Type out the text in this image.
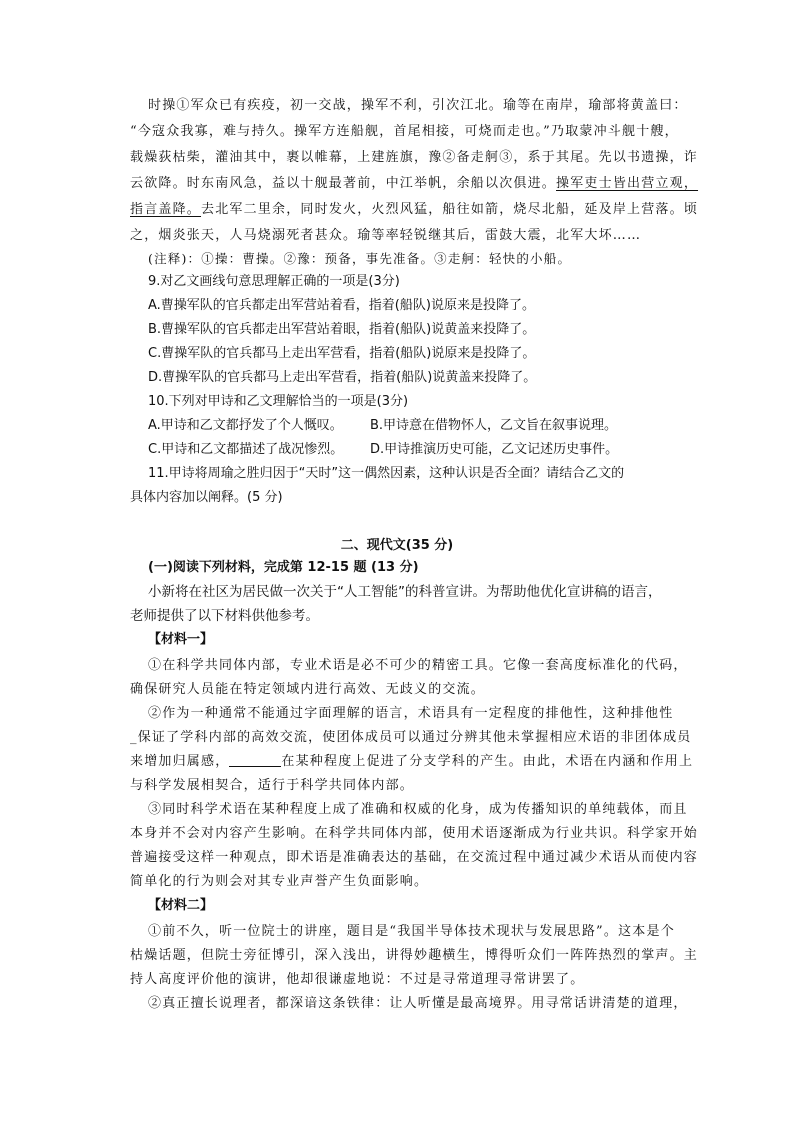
时操①军众已有疾疫，初一交战，操军不利，引次江北。瑜等在南岸，瑜部将黄盖曰：
“今寇众我寡，难与持久。操军方连船舰，首尾相接，可烧而走也。”乃取蒙冲斗舰十艘，
载燥荻枯柴，灌油其中，裹以帷幕，上建旌旗，豫②备走舸③，系于其尾。先以书遗操，诈
云欲降。时东南风急，益以十舰最著前，中江举帆，余船以次俱进。操军吏士皆出营立观，
指言盖降。去北军二里余，同时发火，火烈风猛，船往如箭，烧尽北船，延及岸上营落。顷
之，烟炎张天，人马烧溺死者甚众。瑜等率轻锐继其后，雷鼓大震，北军大坏……
(注释)：①操：曹操。②豫：预备，事先准备。③走舸：轻快的小船。
9.对乙文画线句意思理解正确的一项是(3分)
A.曹操军队的官兵都走出军营站着看，指着(船队)说原来是投降了。
B.曹操军队的官兵都走出军营站着眼，指着(船队)说黄盖来投降了。
C.曹操军队的官兵都马上走出军营看，指着(船队)说原来是投降了。
D.曹操军队的官兵都马上走出军营看，指着(船队)说黄盖来投降了。
10.下列对甲诗和乙文理解恰当的一项是(3分)
A.甲诗和乙文都抒发了个人慨叹。 B.甲诗意在借物怀人，乙文旨在叙事说理。
C.甲诗和乙文都描述了战况惨烈。 D.甲诗推演历史可能，乙文记述历史事件。
11.甲诗将周瑜之胜归因于“天时”这一偶然因素，这种认识是否全面？请结合乙文的
具体内容加以阐释。(5 分)
二、现代文(35 分)
(一)阅读下列材料，完成第 12-15 题 (13 分)
小新将在社区为居民做一次关于“人工智能”的科普宣讲。为帮助他优化宣讲稿的语言，
老师提供了以下材料供他参考。
【材料一】
①在科学共同体内部，专业术语是必不可少的精密工具。它像一套高度标准化的代码，
确保研究人员能在特定领域内进行高效、无歧义的交流。
②作为一种通常不能通过字面理解的语言，术语具有一定程度的排他性，这种排他性
_保证了学科内部的高效交流，使团体成员可以通过分辨其他未掌握相应术语的非团体成员
来增加归属感，	在某种程度上促进了分支学科的产生。由此，术语在内涵和作用上
与科学发展相契合，适行于科学共同体内部。
③同时科学术语在某种程度上成了准确和权威的化身，成为传播知识的单纯载体，而且
本身并不会对内容产生影响。在科学共同体内部，使用术语逐渐成为行业共识。科学家开始
普遍接受这样一种观点，即术语是准确表达的基础，在交流过程中通过减少术语从而使内容
简单化的行为则会对其专业声誉产生负面影响。
【材料二】
①前不久，听一位院士的讲座，题目是“我国半导体技术现状与发展思路”。这本是个
枯燥话题，但院士旁征博引，深入浅出，讲得妙趣横生，博得听众们一阵阵热烈的掌声。主
持人高度评价他的演讲，他却很谦虚地说：不过是寻常道理寻常讲罢了。
②真正擅长说理者，都深谙这条铁律：让人听懂是最高境界。用寻常话讲清楚的道理，
